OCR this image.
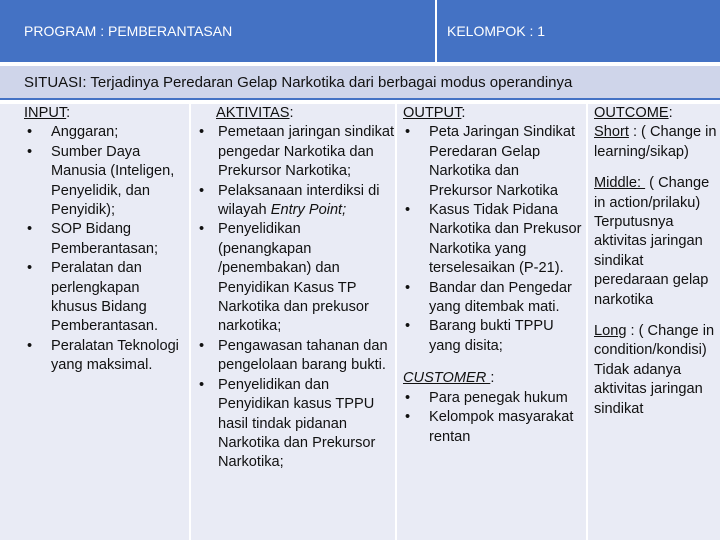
PROGRAM : PEMBERANTASAN	KELOMPOK : 1
SITUASI: Terjadinya Peredaran Gelap Narkotika dari berbagai modus operandinya
INPUT:
• Anggaran;
• Sumber Daya Manusia (Inteligen, Penyelidik, dan Penyidik);
• SOP Bidang Pemberantasan;
• Peralatan dan perlengkapan khusus Bidang Pemberantasan.
• Peralatan Teknologi yang maksimal.
AKTIVITAS:
• Pemetaan jaringan sindikat pengedar Narkotika dan Prekursor Narkotika;
• Pelaksanaan interdiksi di wilayah Entry Point;
• Penyelidikan (penangkapan /penembakan) dan Penyidikan Kasus TP Narkotika dan prekusor narkotika;
• Pengawasan tahanan dan pengelolaan barang bukti.
• Penyelidikan dan Penyidikan kasus TPPU hasil tindak pidanan Narkotika dan Prekursor Narkotika;
OUTPUT:
• Peta Jaringan Sindikat Peredaran Gelap Narkotika dan Prekursor Narkotika
• Kasus Tidak Pidana Narkotika dan Prekusor Narkotika yang terselesaikan (P-21).
• Bandar dan Pengedar yang ditembak mati.
• Barang bukti TPPU yang disita;
CUSTOMER :
• Para penegak hukum
• Kelompok masyarakat rentan

OUTCOME:

Short : ( Change in learning/sikap)

Middle:  ( Change in action/prilaku) Terputusnya aktivitas jaringan sindikat peredaraan gelap narkotika

Long : ( Change in condition/kondisi) Tidak adanya aktivitas jaringan sindikat
